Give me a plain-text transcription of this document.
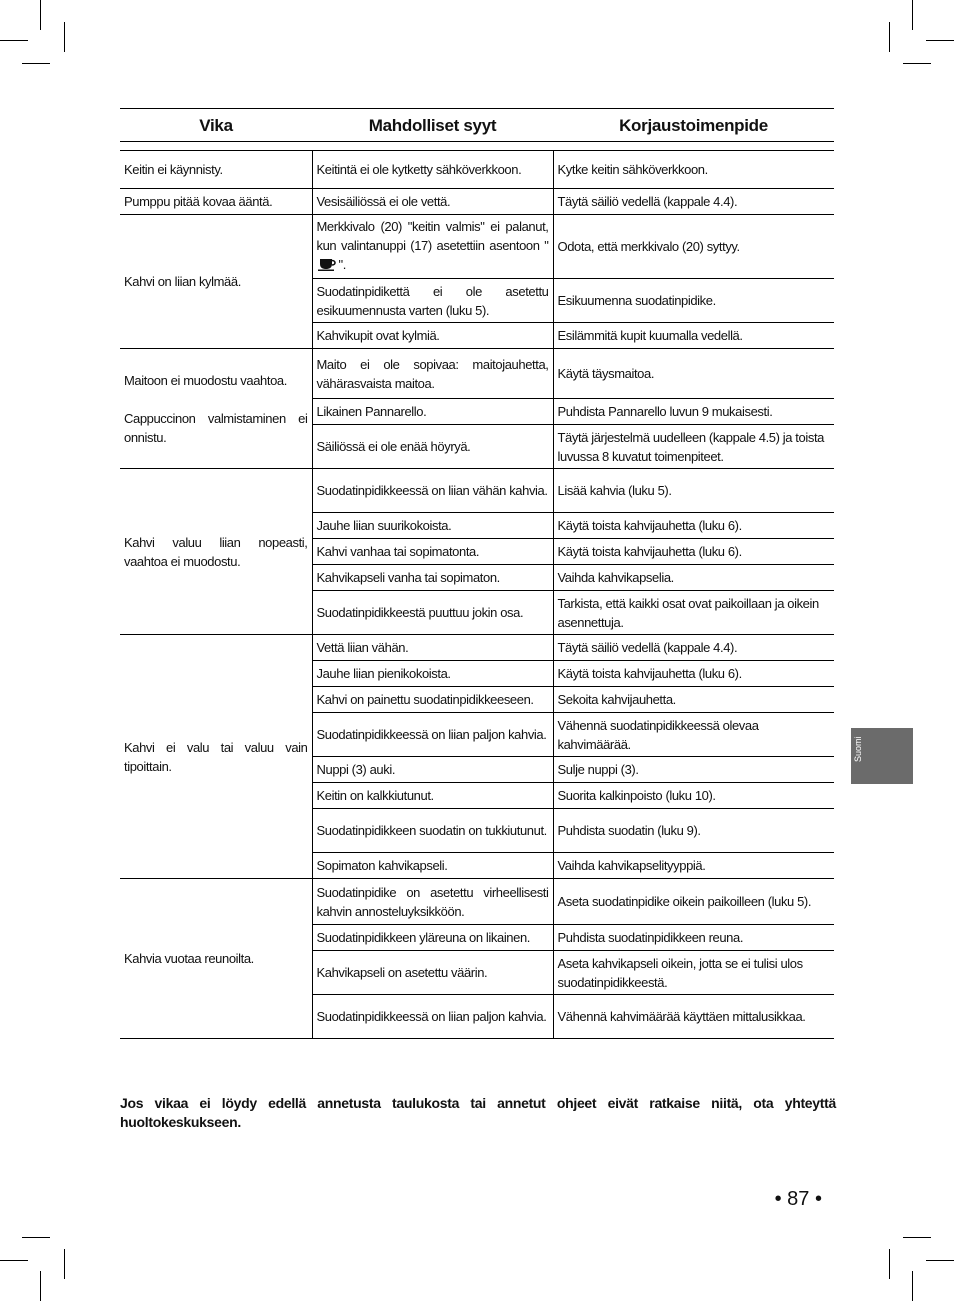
Vika	Mahdolliset syyt	Korjaustoimenpide

Keitin ei käynnisty.	Keitintä ei ole kytketty sähköverkkoon.	Kytke keitin sähköverkkoon.

Pumppu pitää kovaa ääntä.	Vesisäiliössä ei ole vettä.	Täytä säiliö vedellä (kappale 4.4).

Kahvi on liian kylmää.	Merkkivalo (20) "keitin valmis" ei palanut, kun valintanuppi (17) asetettiin asentoon "".	Odota, että merkkivalo (20) syttyy.
	Suodatinpidikettä ei ole asetettu esikuumennusta varten (luku 5).	Esikuumenna suodatinpidike.
	Kahvikupit ovat kylmiä.	Esilämmitä kupit kuumalla vedellä.

Maitoon ei muodostu vaahtoa.

Cappuccinon valmistaminen ei onnistu.	Maito ei ole sopivaa: maitojauhetta, vähärasvaista maitoa.	Käytä täysmaitoa.
	Likainen Pannarello.	Puhdista Pannarello luvun 9 mukaisesti.
	Säiliössä ei ole enää höyryä.	Täytä järjestelmä uudelleen (kappale 4.5) ja toista luvussa 8 kuvatut toimenpiteet.

Kahvi valuu liian nopeasti, vaahtoa ei muodostu.	Suodatinpidikkeessä on liian vähän kahvia.	Lisää kahvia (luku 5).
	Jauhe liian suurikokoista.	Käytä toista kahvijauhetta (luku 6).
	Kahvi vanhaa tai sopimatonta.	Käytä toista kahvijauhetta (luku 6).
	Kahvikapseli vanha tai sopimaton.	Vaihda kahvikapselia.
	Suodatinpidikkeestä puuttuu jokin osa.	Tarkista, että kaikki osat ovat paikoillaan ja oikein asennettuja.

Kahvi ei valu tai valuu vain tipoittain.	Vettä liian vähän.	Täytä säiliö vedellä (kappale 4.4).
	Jauhe liian pienikokoista.	Käytä toista kahvijauhetta (luku 6).
	Kahvi on painettu suodatinpidikkeeseen.	Sekoita kahvijauhetta.
	Suodatinpidikkeessä on liian paljon kahvia.	Vähennä suodatinpidikkeessä olevaa kahvimäärää.
	Nuppi (3) auki.	Sulje nuppi (3).
	Keitin on kalkkiutunut.	Suorita kalkinpoisto (luku 10).
	Suodatinpidikkeen suodatin on tukkiutunut.	Puhdista suodatin (luku 9).
	Sopimaton kahvikapseli.	Vaihda kahvikapselityyppiä.

Kahvia vuotaa reunoilta.	Suodatinpidike on asetettu virheellisesti kahvin annosteluyksikköön.	Aseta suodatinpidike oikein paikoilleen (luku 5).
	Suodatinpidikkeen yläreuna on likainen.	Puhdista suodatinpidikkeen reuna.
	Kahvikapseli on asetettu väärin.	Aseta kahvikapseli oikein, jotta se ei tulisi ulos suodatinpidikkeestä.
	Suodatinpidikkeessä on liian paljon kahvia.	Vähennä kahvimäärää käyttäen mittalusikkaa.
Jos vikaa ei löydy edellä annetusta taulukosta tai annetut ohjeet eivät ratkaise niitä, ota yhteyttä huoltokeskukseen.
Suomi
• 87 •
